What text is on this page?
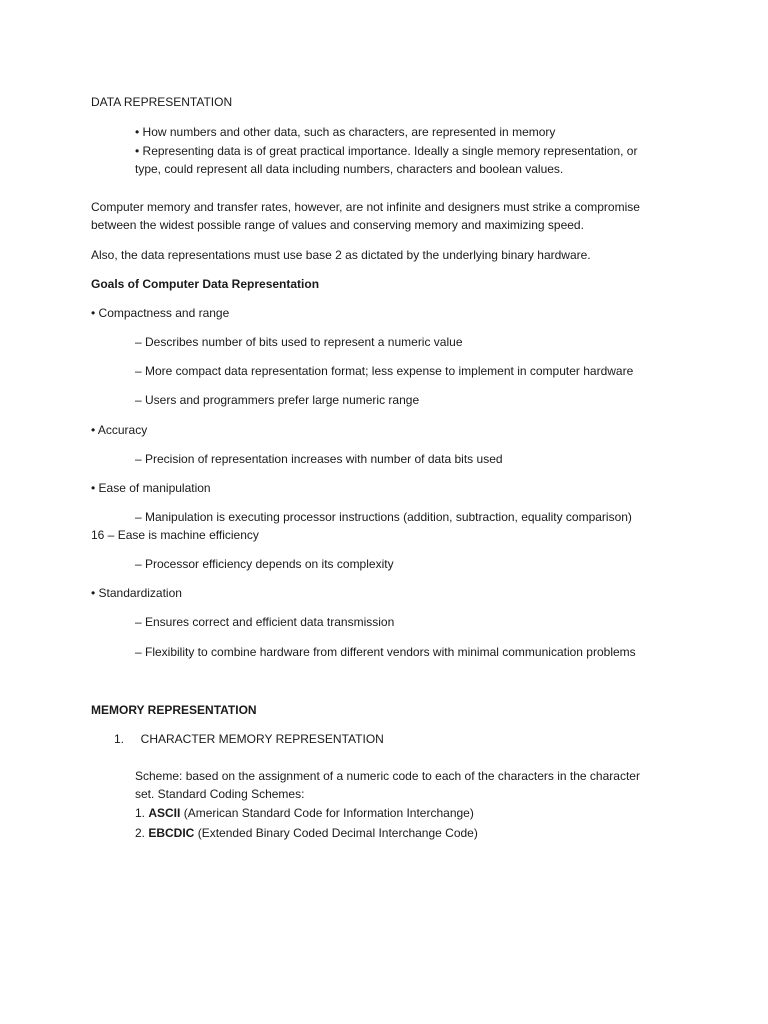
DATA REPRESENTATION
• How numbers and other data, such as characters, are represented in memory
• Representing data is of great practical importance. Ideally a single memory representation, or
type, could represent all data including numbers, characters and boolean values.
Computer memory and transfer rates, however, are not infinite and designers must strike a compromise
between the widest possible range of values and conserving memory and maximizing speed.
Also, the data representations must use base 2 as dictated by the underlying binary hardware.
Goals of Computer Data Representation
• Compactness and range
– Describes number of bits used to represent a numeric value
– More compact data representation format; less expense to implement in computer hardware
– Users and programmers prefer large numeric range
• Accuracy
– Precision of representation increases with number of data bits used
• Ease of manipulation
– Manipulation is executing processor instructions (addition, subtraction, equality comparison)
16 – Ease is machine efficiency
– Processor efficiency depends on its complexity
• Standardization
– Ensures correct and efficient data transmission
– Flexibility to combine hardware from different vendors with minimal communication problems
MEMORY REPRESENTATION
1.     CHARACTER MEMORY REPRESENTATION
Scheme: based on the assignment of a numeric code to each of the characters in the character
set. Standard Coding Schemes:
1. ASCII (American Standard Code for Information Interchange)
2. EBCDIC (Extended Binary Coded Decimal Interchange Code)
